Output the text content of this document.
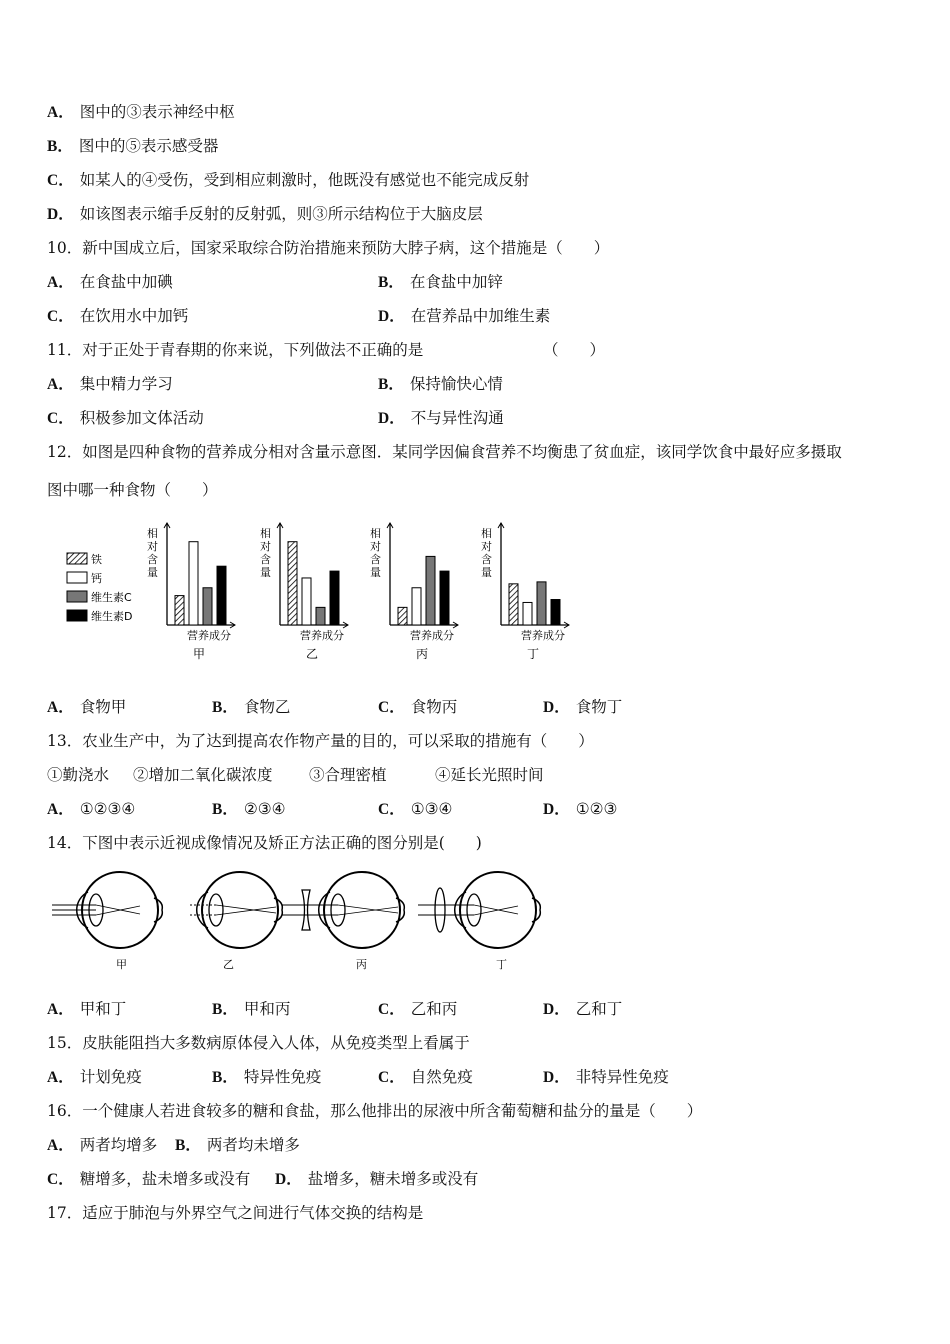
A． 图中的③表示神经中枢
B． 图中的⑤表示感受器
C． 如某人的④受伤，受到相应刺激时，他既没有感觉也不能完成反射
D． 如该图表示缩手反射的反射弧，则③所示结构位于大脑皮层
10．新中国成立后，国家采取综合防治措施来预防大脖子病，这个措施是（　　）
A． 在食盐中加碘	B． 在食盐中加锌
C． 在饮用水中加钙	D． 在营养品中加维生素
11．对于正处于青春期的你来说，下列做法不正确的是	（　　）
A． 集中精力学习	B． 保持愉快心情
C． 积极参加文体活动	D． 不与异性沟通
12．如图是四种食物的营养成分相对含量示意图．某同学因偏食营养不均衡患了贫血症，该同学饮食中最好应多摄取
图中哪一种食物（　　）
铁
钙
维生素C
维生素D
相对含量
营养成分
甲
相对含量
营养成分
乙
相对含量
营养成分
丙
相对含量
营养成分
丁
A． 食物甲	B． 食物乙	C． 食物丙	D． 食物丁
13．农业生产中，为了达到提高农作物产量的目的，可以采取的措施有（　　）
①勤浇水 ②增加二氧化碳浓度 ③合理密植	④延长光照时间
A． ①②③④	B． ②③④	C． ①③④	D． ①②③
14．下图中表示近视成像情况及矫正方法正确的图分别是(　　)
甲	乙	丙	丁
A． 甲和丁	B． 甲和丙	C． 乙和丙	D． 乙和丁
15．皮肤能阻挡大多数病原体侵入人体，从免疫类型上看属于
A． 计划免疫	B． 特异性免疫	C． 自然免疫	D． 非特异性免疫
16．一个健康人若进食较多的糖和食盐，那么他排出的尿液中所含葡萄糖和盐分的量是（　　）
A． 两者均增多 B． 两者均未增多
C． 糖增多，盐未增多或没有 D． 盐增多，糖未增多或没有
17．适应于肺泡与外界空气之间进行气体交换的结构是
